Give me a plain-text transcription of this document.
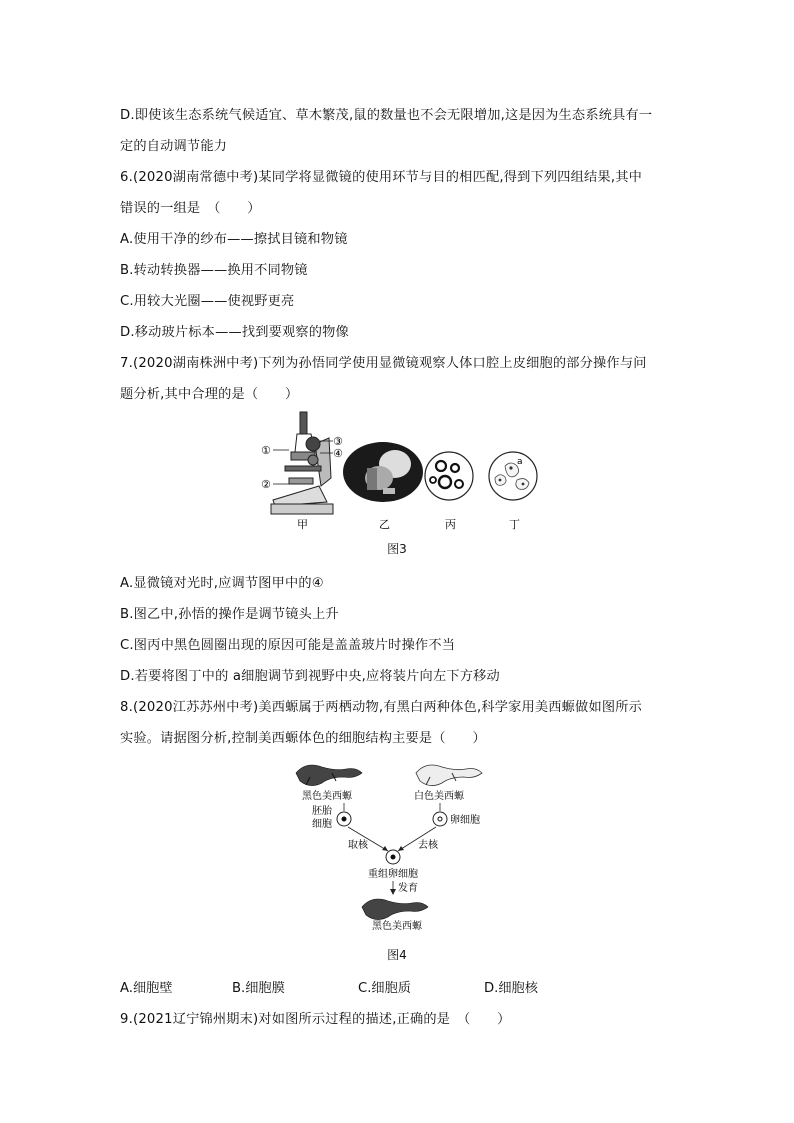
D.即使该生态系统气候适宜、草木繁茂,鼠的数量也不会无限增加,这是因为生态系统具有一
定的自动调节能力
6.(2020湖南常德中考)某同学将显微镜的使用环节与目的相匹配,得到下列四组结果,其中
错误的一组是　（　　）
A.使用干净的纱布——擦拭目镜和物镜
B.转动转换器——换用不同物镜
C.用较大光圈——使视野更亮
D.移动玻片标本——找到要观察的物像
7.(2020湖南株洲中考)下列为孙悟同学使用显微镜观察人体口腔上皮细胞的部分操作与问
题分析,其中合理的是（　　）
①
②
③
④
a
甲	乙	丙	丁
图3
A.显微镜对光时,应调节图甲中的④
B.图乙中,孙悟的操作是调节镜头上升
C.图丙中黑色圆圈出现的原因可能是盖盖玻片时操作不当
D.若要将图丁中的 a细胞调节到视野中央,应将装片向左下方移动
8.(2020江苏苏州中考)美西螈属于两栖动物,有黑白两种体色,科学家用美西螈做如图所示
实验。请据图分析,控制美西螈体色的细胞结构主要是（　　）
黑色美西螈	白色美西螈
胚胎
细胞	卵细胞
取核	去核
重组卵细胞
发育
黑色美西螈
图4
A.细胞壁	B.细胞膜	C.细胞质	D.细胞核
9.(2021辽宁锦州期末)对如图所示过程的描述,正确的是　（　　）
